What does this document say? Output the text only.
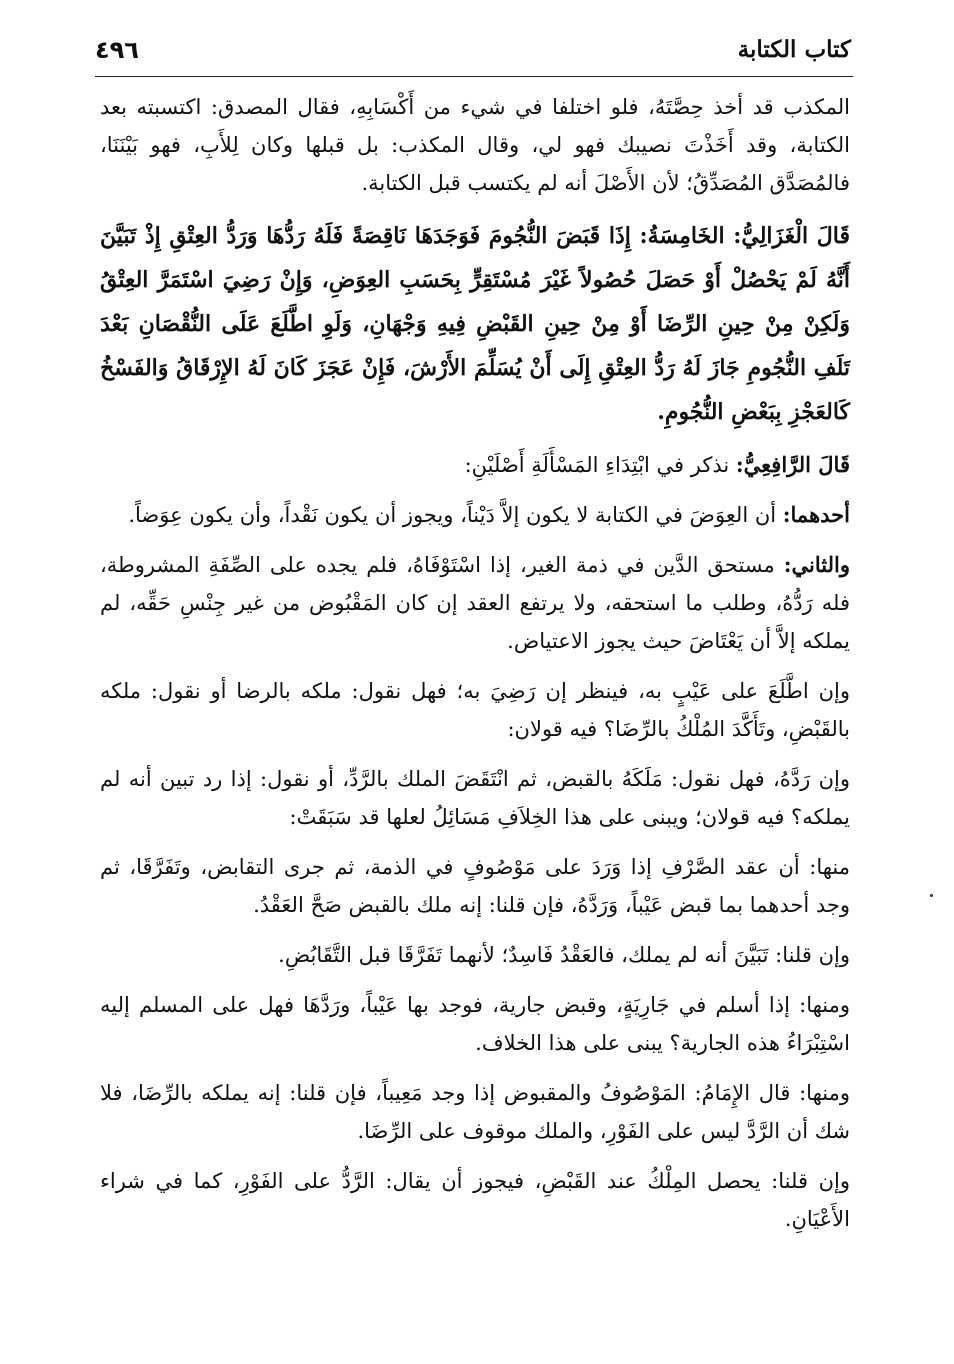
٤٩٦	كتاب الكتابة

المكذب قد أخذ حِصَّتَهُ، فلو اختلفا في شيء من أَكْسَابِهِ، فقال المصدق: اكتسبته بعد الكتابة، وقد أَخَذْتَ نصيبك فهو لي، وقال المكذب: بل قبلها وكان لِلأَبِ، فهو بَيْنَنَا، فالمُصَدَّق المُصَدِّقُ؛ لأن الأَصْلَ أنه لم يكتسب قبل الكتابة.

قَالَ الْغَزَالِيُّ: الخَامِسَةُ: إِذَا قَبَضَ النُّجُومَ فَوَجَدَهَا نَاقِصَةً فَلَهُ رَدُّهَا وَرَدُّ العِتْقِ إِذْ تَبَيَّنَ أَنَّهُ لَمْ يَحْصُلْ أَوْ حَصَلَ حُصُولاً غَيْرَ مُسْتَقِرٍّ بِحَسَبِ العِوَضِ، وَإِنْ رَضِيَ اسْتَمَرَّ العِتْقُ وَلَكِنْ مِنْ حِينِ الرِّضَا أَوْ مِنْ حِينِ القَبْضِ فِيهِ وَجْهَانِ، وَلَوِ اطَّلَعَ عَلَى النُّقْصَانِ بَعْدَ تَلَفِ النُّجُومِ جَازَ لَهُ رَدُّ العِتْقِ إِلَى أَنْ يُسَلِّمَ الأَرْشَ، فَإِنْ عَجَزَ كَانَ لَهُ الإِرْقَاقُ وَالفَسْخُ كَالعَجْزِ بِبَعْضِ النُّجُومِ.

قَالَ الرَّافِعِيُّ: نذكر في ابْتِدَاءِ المَسْأَلَةِ أَصْلَيْنِ:

أحدهما: أن العِوَضَ في الكتابة لا يكون إلاَّ دَيْناً، ويجوز أن يكون نَقْداً، وأن يكون عِوَضاً.

والثاني: مستحق الدَّين في ذمة الغير، إذا اسْتَوْفَاهُ، فلم يجده على الصِّفَةِ المشروطة، فله رَدُّهُ، وطلب ما استحقه، ولا يرتفع العقد إن كان المَقْبُوض من غير جِنْسِ حَقِّه، لم يملكه إلاَّ أن يَعْتَاضَ حيث يجوز الاعتياض.

وإن اطَّلَعَ على عَيْبٍ به، فينظر إن رَضِيَ به؛ فهل نقول: ملكه بالرضا أو نقول: ملكه بالقَبْضِ، وتَأَكَّدَ المُلْكُ بالرِّضَا؟ فيه قولان:

وإن رَدَّهُ، فهل نقول: مَلَكَهُ بالقبض، ثم انْتَقَضَ الملك بالرَّدِّ، أو نقول: إذا رد تبين أنه لم يملكه؟ فيه قولان؛ ويبنى على هذا الخِلاَفِ مَسَائِلُ لعلها قد سَبَقَتْ:

منها: أن عقد الصَّرْفِ إذا وَرَدَ على مَوْصُوفٍ في الذمة، ثم جرى التقابض، وتَفَرَّقَا، ثم وجد أحدهما بما قبض عَيْباً، وَرَدَّهُ، فإن قلنا: إنه ملك بالقبض صَحَّ العَقْدُ.

وإن قلنا: تَبَيَّنَ أنه لم يملك، فالعَقْدُ فَاسِدٌ؛ لأنهما تَفَرَّقَا قبل التَّقَابُضِ.

ومنها: إذا أسلم في جَارِيَةٍ، وقبض جارية، فوجد بها عَيْباً، ورَدَّهَا فهل على المسلم إليه اسْتِبْرَاءُ هذه الجارية؟ يبنى على هذا الخلاف.

ومنها: قال الإِمَامُ: المَوْصُوفُ والمقبوض إذا وجد مَعِيباً، فإن قلنا: إنه يملكه بالرِّضَا، فلا شك أن الرَّدَّ ليس على الفَوْرِ، والملك موقوف على الرِّضَا.

وإن قلنا: يحصل المِلْكُ عند القَبْضِ، فيجوز أن يقال: الرَّدُّ على الفَوْرِ، كما في شراء الأَعْيَانِ.
